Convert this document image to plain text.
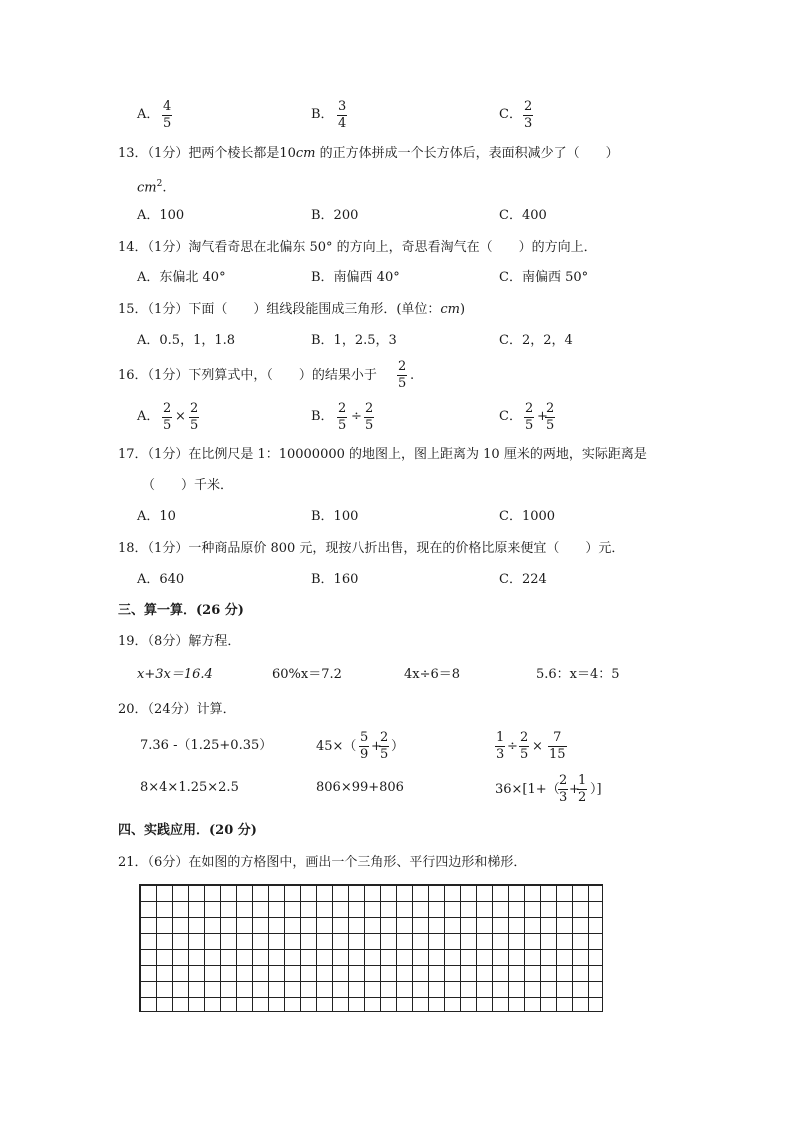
A．
4
5
B．
3
4
C．
2
3
13．（1分）把两个棱长都是10cm 的正方体拼成一个长方体后，表面积减少了（　　）
$cm^2$.
A．100	B．200	C．400
14．（1分）淘气看奇思在北偏东 50° 的方向上，奇思看淘气在（　　）的方向上．
A．东偏北 40°	B．南偏西 40°	C．南偏西 50°
15．（1分）下面（　　）组线段能围成三角形．(单位：cm)
A．0.5，1，1.8	B．1，2.5，3	C．2，2，4
16．（1分）下列算式中，（　　）的结果小于
2
5
.
A．
2
5
×
2
5
B．
2
5
÷
2
5
C．
2
5
+
2
5
17．（1分）在比例尺是 1：10000000 的地图上，图上距离为 10 厘米的两地，实际距离是
（　　）千米．
A．10	B．100	C．1000
18．（1分）一种商品原价 800 元，现按八折出售，现在的价格比原来便宜（　　）元．
A．640	B．160	C．224
三、算一算．(26 分)
19．（8分）解方程．
x+3x＝16.4	60%x＝7.2	4x÷6＝8	5.6：x＝4：5
20．（24分）计算．
7.36 -（1.25+0.35）	45×（
5
9
+
2
5
）
1
3
÷
2
5
×
7
15
8×4×1.25×2.5	806×99+806	36×[1+（
2
3
+
1
2
）]
四、实践应用．(20 分)
21．（6分）在如图的方格图中，画出一个三角形、平行四边形和梯形．
